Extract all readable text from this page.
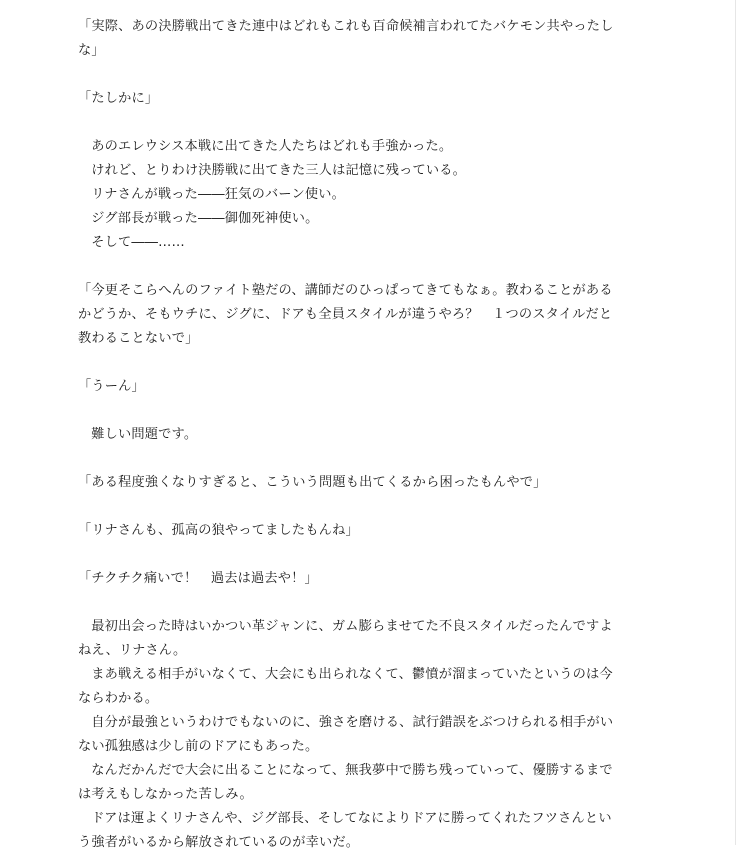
「実際、あの決勝戦出てきた連中はどれもこれも百命候補言われてたバケモン共やったしな」

「たしかに」

あのエレウシス本戦に出てきた人たちはどれも手強かった。

けれど、とりわけ決勝戦に出てきた三人は記憶に残っている。

リナさんが戦った――狂気のバーン使い。

ジグ部長が戦った――御伽死神使い。

そして――……

「今更そこらへんのファイト塾だの、講師だのひっぱってきてもなぁ。教わることがあるかどうか、そもウチに、ジグに、ドアも全員スタイルが違うやろ？　１つのスタイルだと教わることないで」

「うーん」

難しい問題です。

「ある程度強くなりすぎると、こういう問題も出てくるから困ったもんやで」

「リナさんも、孤高の狼やってましたもんね」

「チクチク痛いで！　過去は過去や！」

最初出会った時はいかつい革ジャンに、ガム膨らませてた不良スタイルだったんですよねえ、リナさん。

まあ戦える相手がいなくて、大会にも出られなくて、鬱憤が溜まっていたというのは今ならわかる。

自分が最強というわけでもないのに、強さを磨ける、試行錯誤をぶつけられる相手がいない孤独感は少し前のドアにもあった。

なんだかんだで大会に出ることになって、無我夢中で勝ち残っていって、優勝するまでは考えもしなかった苦しみ。

ドアは運よくリナさんや、ジグ部長、そしてなによりドアに勝ってくれたフツさんという強者がいるから解放されているのが幸いだ。
